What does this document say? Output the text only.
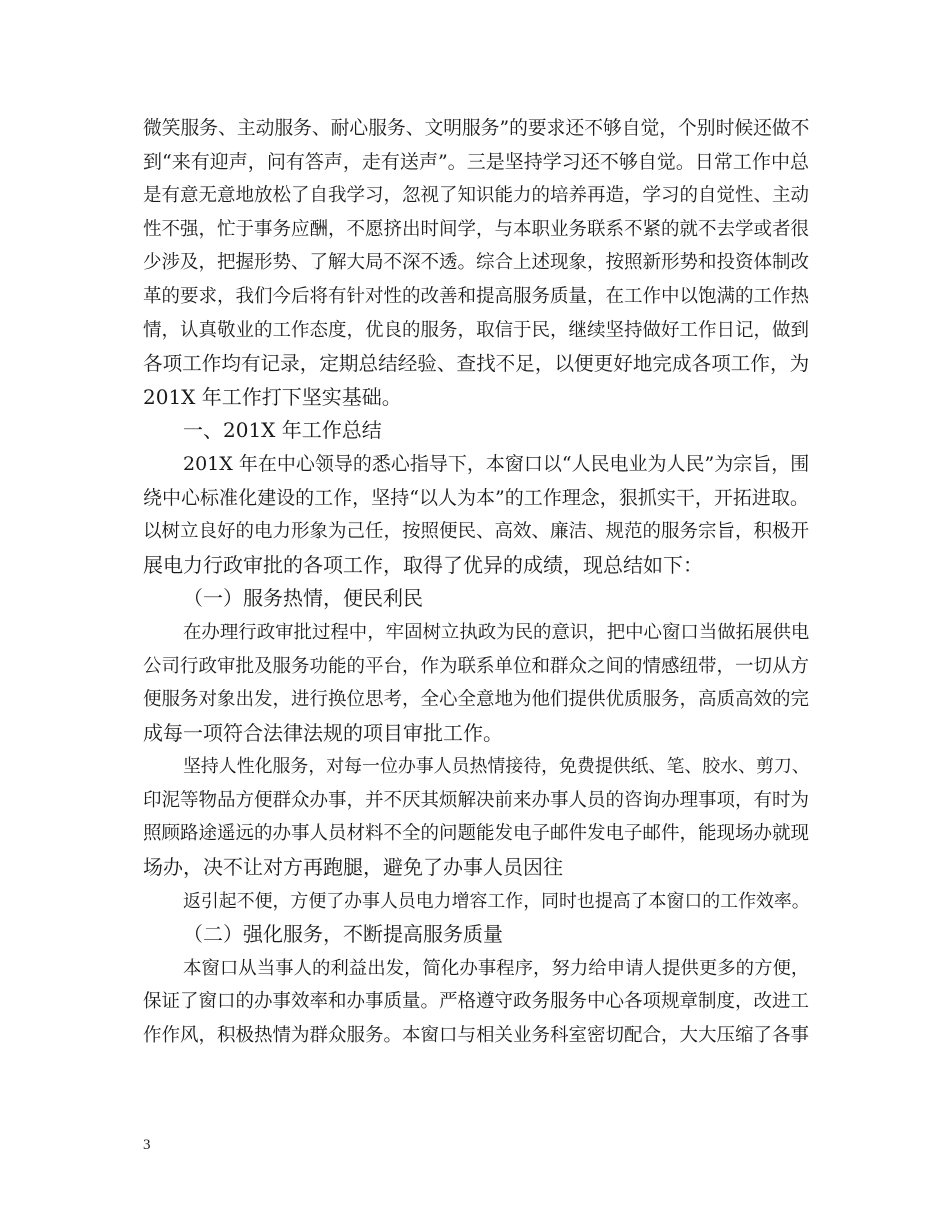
微笑服务、主动服务、耐心服务、文明服务”的要求还不够自觉，个别时候还做不
到“来有迎声，问有答声，走有送声”。三是坚持学习还不够自觉。日常工作中总
是有意无意地放松了自我学习，忽视了知识能力的培养再造，学习的自觉性、主动
性不强，忙于事务应酬，不愿挤出时间学，与本职业务联系不紧的就不去学或者很
少涉及，把握形势、了解大局不深不透。综合上述现象，按照新形势和投资体制改
革的要求，我们今后将有针对性的改善和提高服务质量，在工作中以饱满的工作热
情，认真敬业的工作态度，优良的服务，取信于民，继续坚持做好工作日记，做到
各项工作均有记录，定期总结经验、查找不足，以便更好地完成各项工作，为
201X 年工作打下坚实基础。
一、201X 年工作总结
201X 年在中心领导的悉心指导下，本窗口以“人民电业为人民”为宗旨，围
绕中心标准化建设的工作，坚持“以人为本”的工作理念，狠抓实干，开拓进取。
以树立良好的电力形象为己任，按照便民、高效、廉洁、规范的服务宗旨，积极开
展电力行政审批的各项工作，取得了优异的成绩，现总结如下：
（一）服务热情，便民利民
在办理行政审批过程中，牢固树立执政为民的意识，把中心窗口当做拓展供电
公司行政审批及服务功能的平台，作为联系单位和群众之间的情感纽带，一切从方
便服务对象出发，进行换位思考，全心全意地为他们提供优质服务，高质高效的完
成每一项符合法律法规的项目审批工作。
坚持人性化服务，对每一位办事人员热情接待，免费提供纸、笔、胶水、剪刀、
印泥等物品方便群众办事，并不厌其烦解决前来办事人员的咨询办理事项，有时为
照顾路途遥远的办事人员材料不全的问题能发电子邮件发电子邮件，能现场办就现
场办，决不让对方再跑腿，避免了办事人员因往
返引起不便，方便了办事人员电力增容工作，同时也提高了本窗口的工作效率。
（二）强化服务，不断提高服务质量
本窗口从当事人的利益出发，简化办事程序，努力给申请人提供更多的方便，
保证了窗口的办事效率和办事质量。严格遵守政务服务中心各项规章制度，改进工
作作风，积极热情为群众服务。本窗口与相关业务科室密切配合，大大压缩了各事
3
